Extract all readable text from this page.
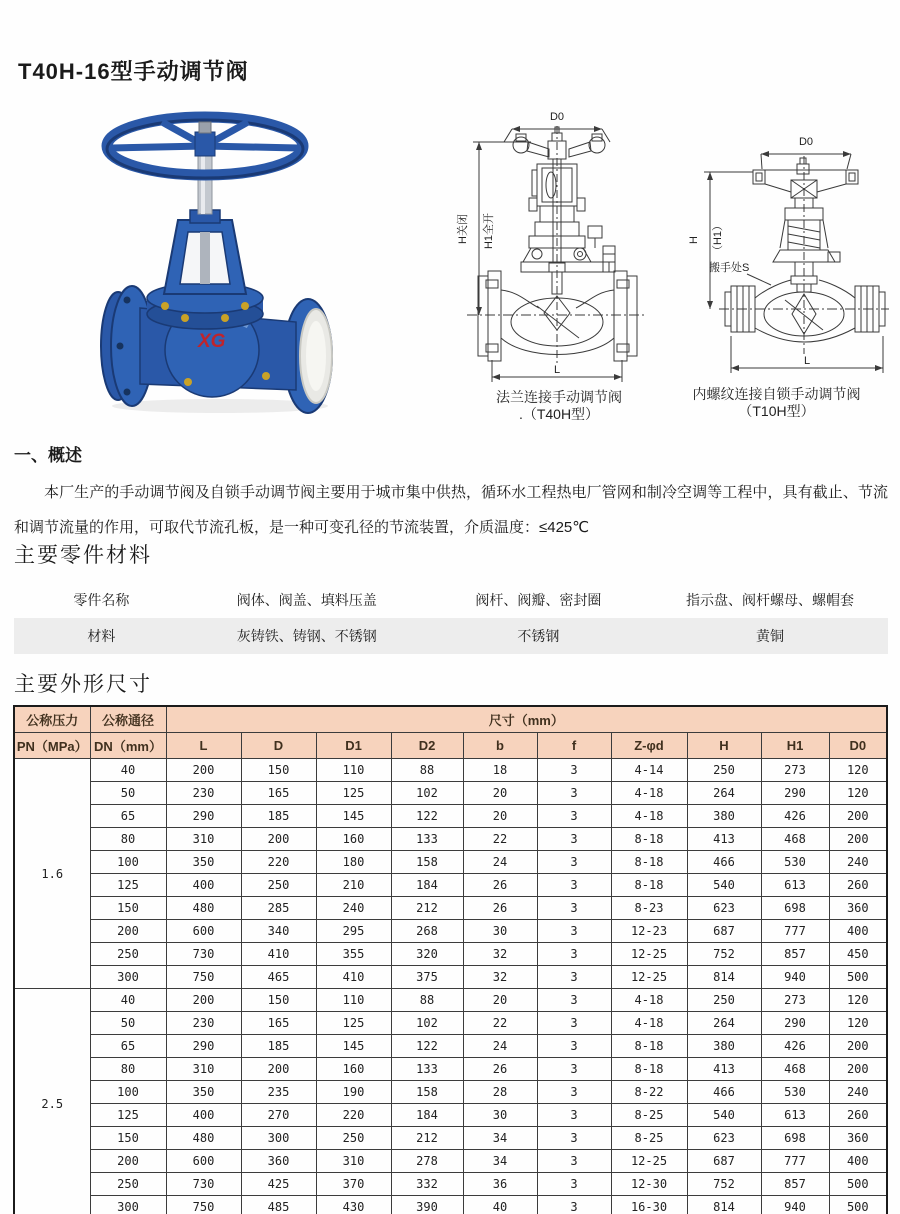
T40H-16型手动调节阀
XG
D0
H关闭 H1全开
L
法兰连接手动调节阀
.（T40H型）
D0
搬手处S
H （H1）
L
内螺纹连接自锁手动调节阀
（T10H型）
一、概述

本厂生产的手动调节阀及自锁手动调节阀主要用于城市集中供热，循环水工程热电厂管网和制冷空调等工程中，具有截止、节流和调节流量的作用，可取代节流孔板，是一种可变孔径的节流装置，介质温度：≤425℃

主要零件材料
零件名称	阀体、阀盖、填料压盖	阀杆、阀瓣、密封圈	指示盘、阀杆螺母、螺帽套
材料	灰铸铁、铸钢、不锈钢	不锈钢	黄铜
主要外形尺寸
公称压力	公称通径	尺寸（mm）									
PN（MPa）	DN（mm）	L	D	D1	D2	b	f	Z-φd	H	H1	D0
1.6	40	200	150	110	88	18	3	4-14	250	273	120
	50	230	165	125	102	20	3	4-18	264	290	120
	65	290	185	145	122	20	3	4-18	380	426	200
	80	310	200	160	133	22	3	8-18	413	468	200
	100	350	220	180	158	24	3	8-18	466	530	240
	125	400	250	210	184	26	3	8-18	540	613	260
	150	480	285	240	212	26	3	8-23	623	698	360
	200	600	340	295	268	30	3	12-23	687	777	400
	250	730	410	355	320	32	3	12-25	752	857	450
	300	750	465	410	375	32	3	12-25	814	940	500
2.5	40	200	150	110	88	20	3	4-18	250	273	120
	50	230	165	125	102	22	3	4-18	264	290	120
	65	290	185	145	122	24	3	8-18	380	426	200
	80	310	200	160	133	26	3	8-18	413	468	200
	100	350	235	190	158	28	3	8-22	466	530	240
	125	400	270	220	184	30	3	8-25	540	613	260
	150	480	300	250	212	34	3	8-25	623	698	360
	200	600	360	310	278	34	3	12-25	687	777	400
	250	730	425	370	332	36	3	12-30	752	857	500
	300	750	485	430	390	40	3	16-30	814	940	500
